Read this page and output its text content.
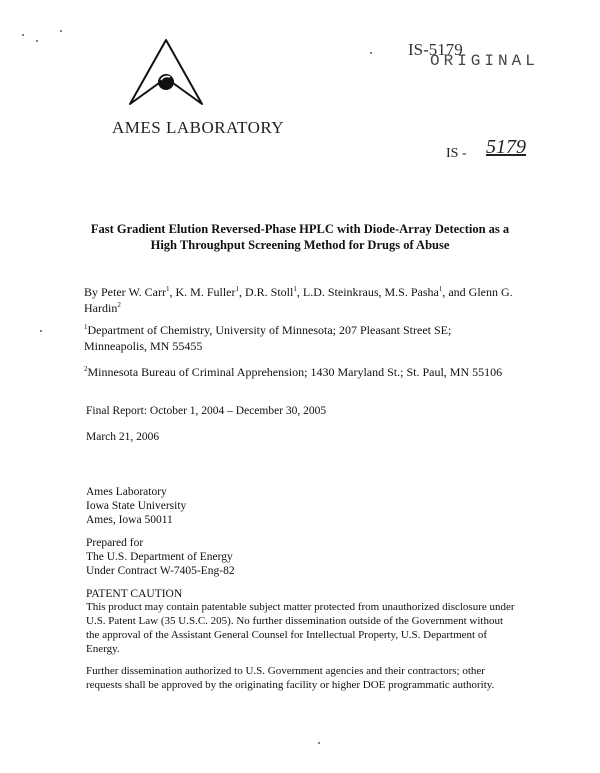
AMES LABORATORY
IS-5179
ORIGINAL
IS - 5179
Fast Gradient Elution Reversed-Phase HPLC with Diode-Array Detection as a High Throughput Screening Method for Drugs of Abuse
By Peter W. Carr$^1$, K. M. Fuller$^1$, D.R. Stoll$^1$, L.D. Steinkraus, M.S. Pasha$^1$, and Glenn G. Hardin$^2$
$^1$Department of Chemistry, University of Minnesota; 207 Pleasant Street SE; Minneapolis, MN 55455
$^2$Minnesota Bureau of Criminal Apprehension; 1430 Maryland St.; St. Paul, MN 55106
Final Report: October 1, 2004 – December 30, 2005
March 21, 2006
Ames Laboratory
Iowa State University
Ames, Iowa 50011
Prepared for
The U.S. Department of Energy
Under Contract W-7405-Eng-82
PATENT CAUTION
This product may contain patentable subject matter protected from unauthorized disclosure under U.S. Patent Law (35 U.S.C. 205). No further dissemination outside of the Government without the approval of the Assistant General Counsel for Intellectual Property, U.S. Department of Energy.
Further dissemination authorized to U.S. Government agencies and their contractors; other requests shall be approved by the originating facility or higher DOE programmatic authority.
